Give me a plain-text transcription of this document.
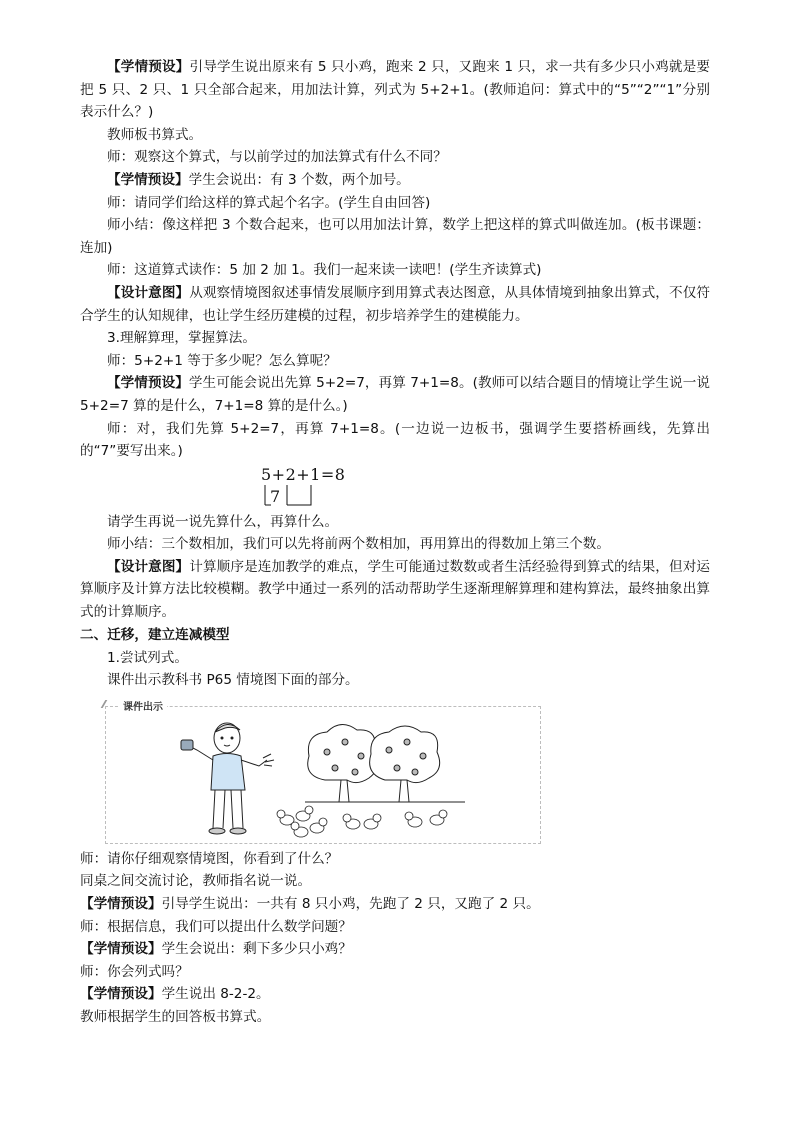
【学情预设】引导学生说出原来有 5 只小鸡，跑来 2 只，又跑来 1 只，求一共有多少只小鸡就是要把 5 只、2 只、1 只全部合起来，用加法计算，列式为 5+2+1。(教师追问：算式中的“5”“2”“1”分别表示什么？)

教师板书算式。

师：观察这个算式，与以前学过的加法算式有什么不同？

【学情预设】学生会说出：有 3 个数，两个加号。

师：请同学们给这样的算式起个名字。(学生自由回答)

师小结：像这样把 3 个数合起来，也可以用加法计算，数学上把这样的算式叫做连加。(板书课题：连加)

师：这道算式读作：5 加 2 加 1。我们一起来读一读吧！(学生齐读算式)

【设计意图】从观察情境图叙述事情发展顺序到用算式表达图意，从具体情境到抽象出算式，不仅符合学生的认知规律，也让学生经历建模的过程，初步培养学生的建模能力。

3.理解算理，掌握算法。

师：5+2+1 等于多少呢？怎么算呢？

【学情预设】学生可能会说出先算 5+2=7，再算 7+1=8。(教师可以结合题目的情境让学生说一说 5+2=7 算的是什么，7+1=8 算的是什么。)

师：对，我们先算 5+2=7，再算 7+1=8。(一边说一边板书，强调学生要搭桥画线，先算出的“7”要写出来。)

5+2+1=8
7

请学生再说一说先算什么，再算什么。

师小结：三个数相加，我们可以先将前两个数相加，再用算出的得数加上第三个数。

【设计意图】计算顺序是连加教学的难点，学生可能通过数数或者生活经验得到算式的结果，但对运算顺序及计算方法比较模糊。教学中通过一系列的活动帮助学生逐渐理解算理和建构算法，最终抽象出算式的计算顺序。

二、迁移，建立连减模型

1.尝试列式。

课件出示教科书 P65 情境图下面的部分。

课件出示

师：请你仔细观察情境图，你看到了什么？

同桌之间交流讨论，教师指名说一说。

【学情预设】引导学生说出：一共有 8 只小鸡，先跑了 2 只，又跑了 2 只。

师：根据信息，我们可以提出什么数学问题？

【学情预设】学生会说出：剩下多少只小鸡？

师：你会列式吗？

【学情预设】学生说出 8-2-2。

教师根据学生的回答板书算式。
